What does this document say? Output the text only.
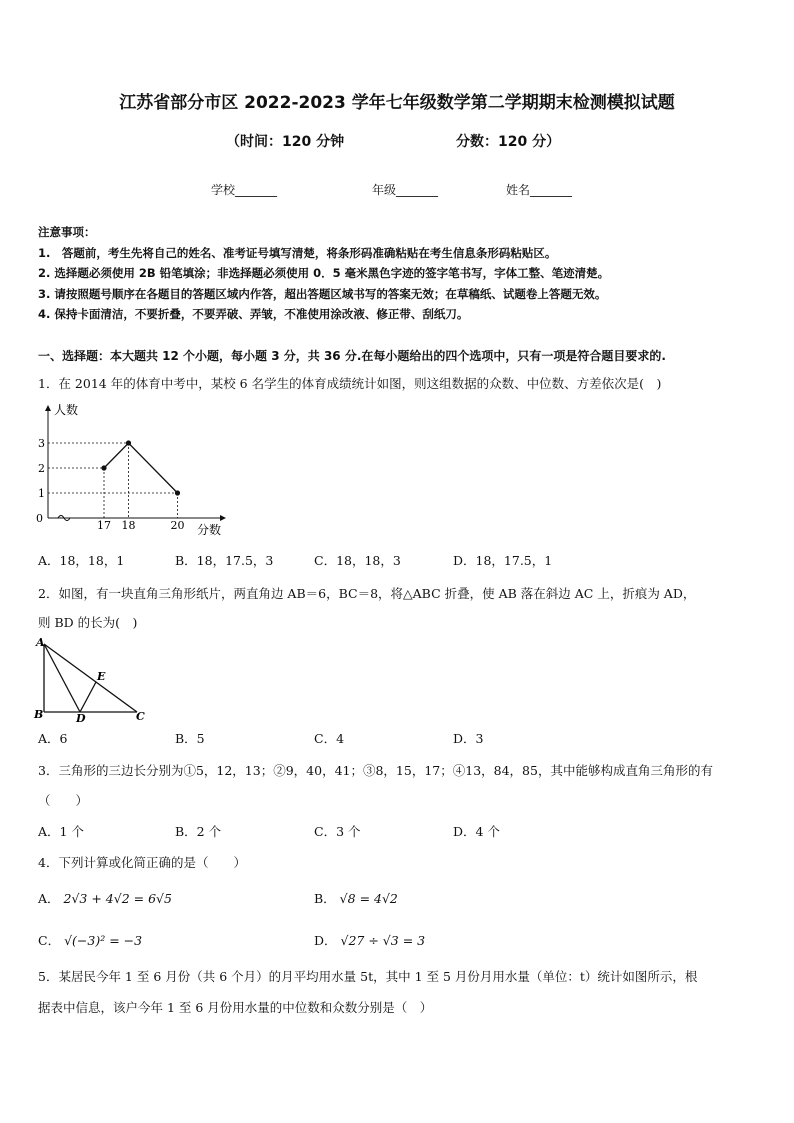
江苏省部分市区 2022-2023 学年七年级数学第二学期期末检测模拟试题
（时间：120 分钟	分数：120 分）
学校_______	年级_______	姓名_______
注意事项：
1.　答题前，考生先将自己的姓名、准考证号填写清楚，将条形码准确粘贴在考生信息条形码粘贴区。
2. 选择题必须使用 2B 铅笔填涂；非选择题必须使用 0．5 毫米黑色字迹的签字笔书写，字体工整、笔迹清楚。
3. 请按照题号顺序在各题目的答题区域内作答，超出答题区域书写的答案无效；在草稿纸、试题卷上答题无效。
4. 保持卡面清洁，不要折叠，不要弄破、弄皱，不准使用涂改液、修正带、刮纸刀。
一、选择题：本大题共 12 个小题，每小题 3 分，共 36 分.在每小题给出的四个选项中，只有一项是符合题目要求的.
1．在 2014 年的体育中考中，某校 6 名学生的体育成绩统计如图，则这组数据的众数、中位数、方差依次是(　)
人数
分数
0
1
2
3
17 18	20
A．18，18，1	B．18，17.5，3	C．18，18，3	D．18，17.5，1
2．如图，有一块直角三角形纸片，两直角边 AB＝6，BC＝8，将△ABC 折叠，使 AB 落在斜边 AC 上，折痕为 AD，
则 BD 的长为(　)
A
B	C
D
E
A．6	B．5	C．4	D．3
3．三角形的三边长分别为①5，12，13；②9，40，41；③8，15，17；④13，84，85，其中能够构成直角三角形的有
（　　）
A．1 个	B．2 个	C．3 个	D．4 个
4．下列计算或化简正确的是（　　）
A． 2√3 + 4√2 = 6√5	B． √8 = 4√2
C． √(−3)² = −3	D． √27 ÷ √3 = 3
5．某居民今年 1 至 6 月份（共 6 个月）的月平均用水量 5t，其中 1 至 5 月份月用水量（单位：t）统计如图所示，根
据表中信息，该户今年 1 至 6 月份用水量的中位数和众数分别是（　）
